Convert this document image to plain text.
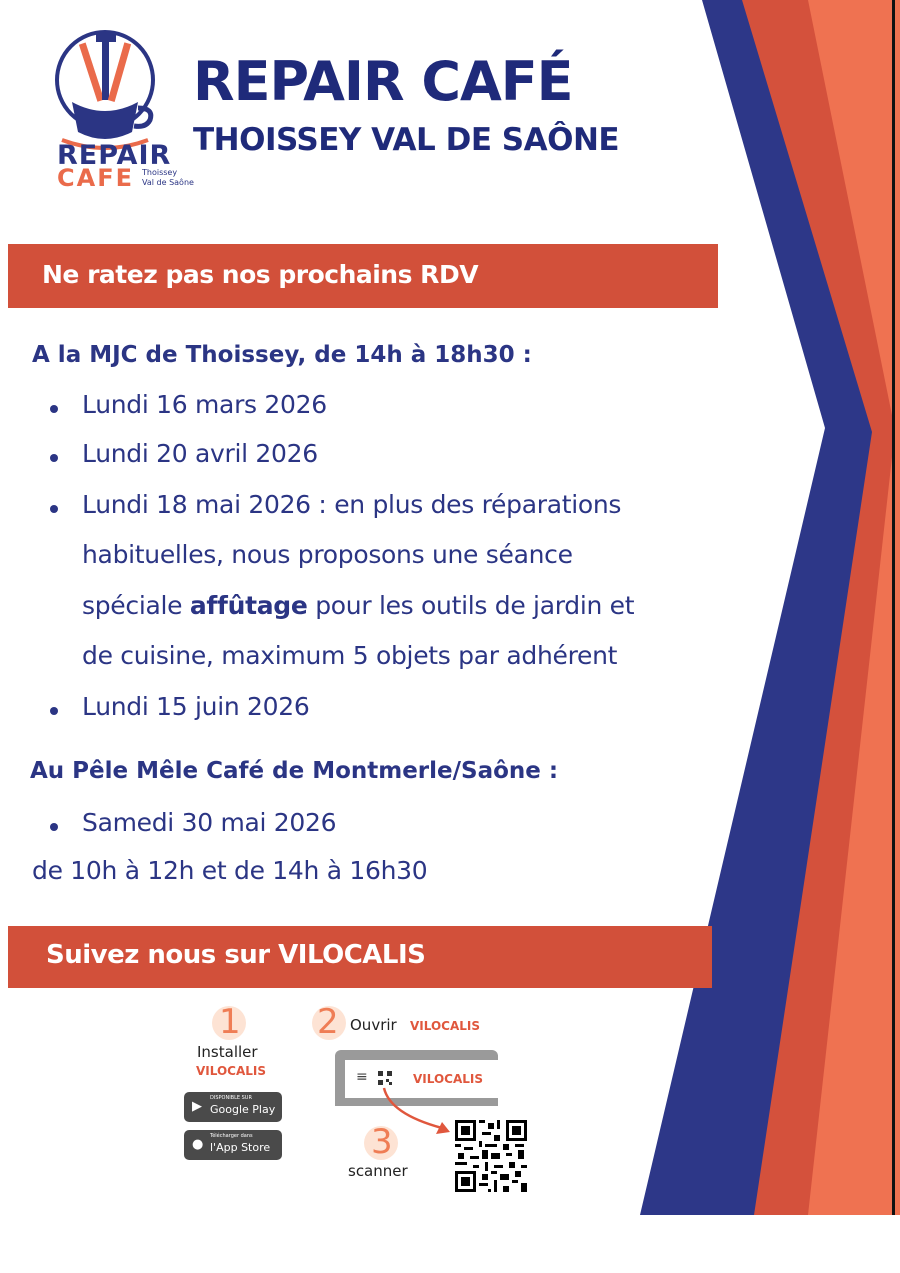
REPAIR
CAFE Thoissey
Val de Saône
REPAIR CAFÉ
THOISSEY VAL DE SAÔNE
Ne ratez pas nos prochains RDV
A la MJC de Thoissey, de 14h à 18h30 :
Lundi 16 mars 2026
Lundi 20 avril 2026
Lundi 18 mai 2026 : en plus des réparations
habituelles, nous proposons une séance
spéciale affûtage pour les outils de jardin et
de cuisine, maximum 5 objets par adhérent
Lundi 15 juin 2026
Au Pêle Mêle Café de Montmerle/Saône :
Samedi 30 mai 2026
de 10h à 12h et de 14h à 16h30
Suivez nous sur VILOCALIS
1
Installer
VILOCALIS
▶
DISPONIBLE SUR
Google Play
●
Télécharger dans
l'App Store
2 Ouvrir VILOCALIS
≡	VILOCALIS
3
scanner
